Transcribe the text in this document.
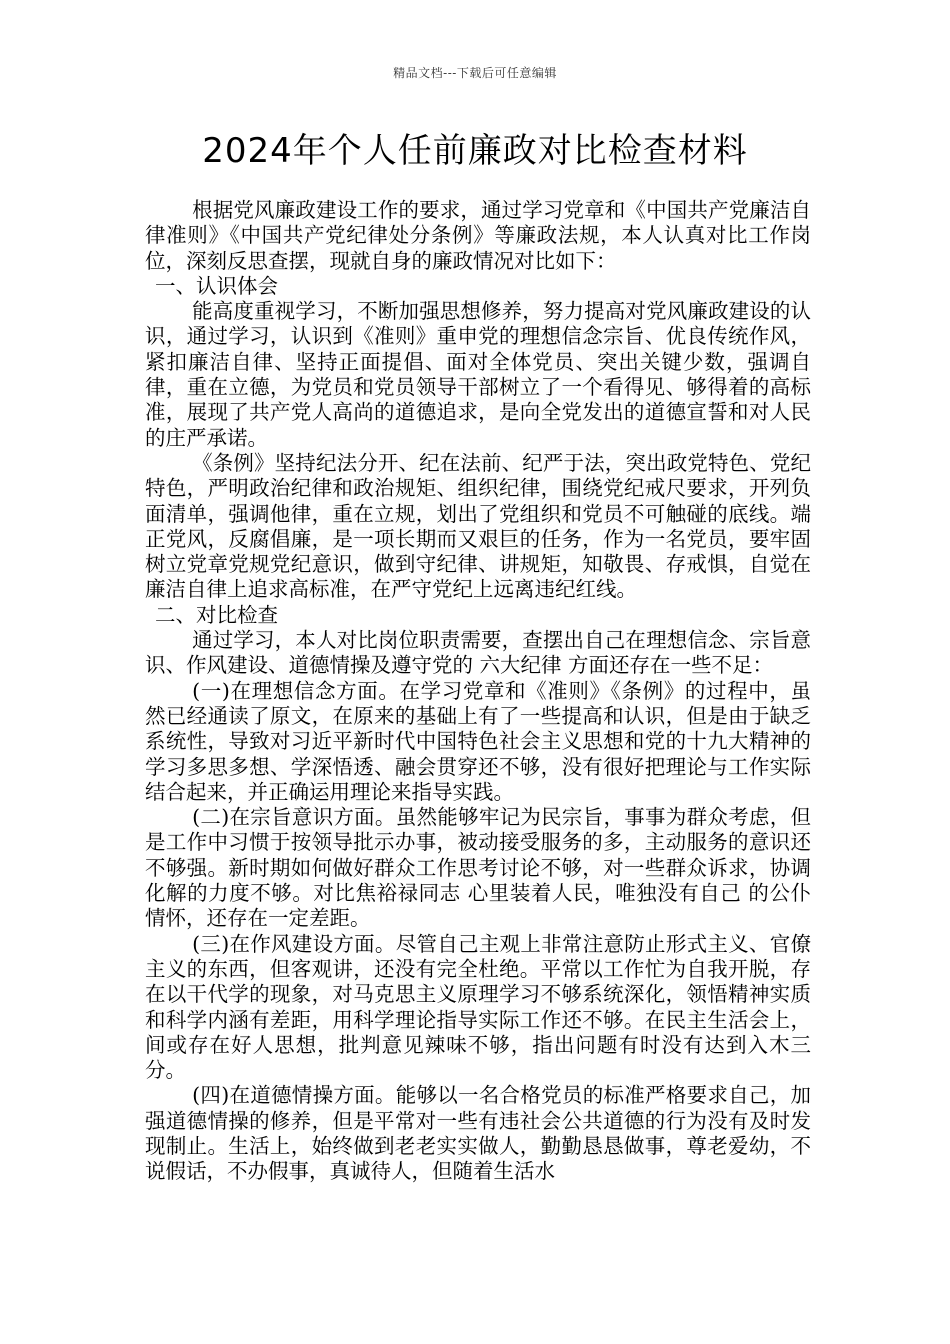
精品文档---下载后可任意编辑
2024年个人任前廉政对比检查材料

根据党风廉政建设工作的要求，通过学习党章和《中国共产党廉洁自律准则》《中国共产党纪律处分条例》等廉政法规，本人认真对比工作岗位，深刻反思查摆，现就自身的廉政情况对比如下：

一、认识体会

能高度重视学习，不断加强思想修养，努力提高对党风廉政建设的认识，通过学习，认识到《准则》重申党的理想信念宗旨、优良传统作风，紧扣廉洁自律、坚持正面提倡、面对全体党员、突出关键少数，强调自律，重在立德，为党员和党员领导干部树立了一个看得见、够得着的高标准，展现了共产党人高尚的道德追求，是向全党发出的道德宣誓和对人民的庄严承诺。

《条例》坚持纪法分开、纪在法前、纪严于法，突出政党特色、党纪特色，严明政治纪律和政治规矩、组织纪律，围绕党纪戒尺要求，开列负面清单，强调他律，重在立规，划出了党组织和党员不可触碰的底线。端正党风，反腐倡廉，是一项长期而又艰巨的任务，作为一名党员，要牢固树立党章党规党纪意识，做到守纪律、讲规矩，知敬畏、存戒惧，自觉在廉洁自律上追求高标准，在严守党纪上远离违纪红线。

二、对比检查

通过学习，本人对比岗位职责需要，查摆出自己在理想信念、宗旨意识、作风建设、道德情操及遵守党的 六大纪律 方面还存在一些不足：

(一)在理想信念方面。在学习党章和《准则》《条例》的过程中，虽然已经通读了原文，在原来的基础上有了一些提高和认识，但是由于缺乏系统性，导致对习近平新时代中国特色社会主义思想和党的十九大精神的学习多思多想、学深悟透、融会贯穿还不够，没有很好把理论与工作实际结合起来，并正确运用理论来指导实践。

(二)在宗旨意识方面。虽然能够牢记为民宗旨，事事为群众考虑，但是工作中习惯于按领导批示办事，被动接受服务的多，主动服务的意识还不够强。新时期如何做好群众工作思考讨论不够，对一些群众诉求，协调化解的力度不够。对比焦裕禄同志 心里装着人民，唯独没有自己 的公仆情怀，还存在一定差距。

(三)在作风建设方面。尽管自己主观上非常注意防止形式主义、官僚主义的东西，但客观讲，还没有完全杜绝。平常以工作忙为自我开脱，存在以干代学的现象，对马克思主义原理学习不够系统深化，领悟精神实质和科学内涵有差距，用科学理论指导实际工作还不够。在民主生活会上，间或存在好人思想，批判意见辣味不够，指出问题有时没有达到入木三分。

(四)在道德情操方面。能够以一名合格党员的标准严格要求自己，加强道德情操的修养，但是平常对一些有违社会公共道德的行为没有及时发现制止。生活上，始终做到老老实实做人，勤勤恳恳做事，尊老爱幼，不说假话，不办假事，真诚待人，但随着生活水
